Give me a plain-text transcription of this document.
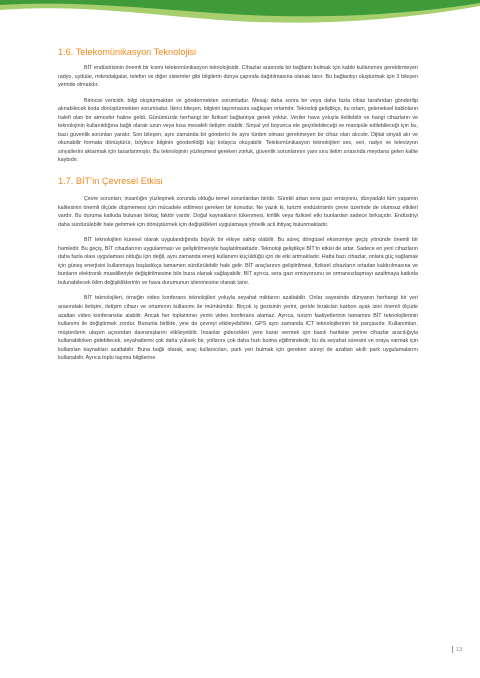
1.6. Telekomünikasyon Teknolojisi

BİT endüstrisinin önemli bir kısmı telekomünikasyon teknolojisidir. Cihazlar arasında bir bağlantı bulmak için kablo kullanımını gerektirmeyen radyo, uydular, mikrodalgalar, telefon ve diğer sistemler gibi bilgilerin dünya çapında dağıtılmasına olanak tanır. Bu bağlantıyı oluşturmak için 3 bileşen yerinde olmalıdır.

Birincisi vericidir, bilgi oluşturmaktan ve göndermekten sorumludur. Mesajı daha sonra bir veya daha fazla cihaz tarafından gönderilip alınabilecek koda dönüştürmekten sorumludur. İkinci bileşen, bilginin taşınmasını sağlayan ortamdır. Teknoloji geliştikçe, bu ortam, geleneksel kabloların halefi olan bir atmosfer haline geldi. Günümüzde herhangi bir fiziksel bağlantıya gerek yoktur. Veriler hava yoluyla iletilebilir ve hangi cihazların ve teknolojinin kullanıldığına bağlı olarak uzun veya kısa mesafeli iletişim olabilir. Sinyal yol boyunca ele geçirilebileceği ve manipüle edilebileceği için bu, bazı güvenlik sorunları yaratır. Son bileşen, aynı zamanda bir gönderici ile aynı türden olması gerekmeyen bir cihaz olan alıcıdır. Dijital sinyali alır ve okunabilir formata dönüştürür, böylece bilginin gönderildiği kişi kolayca okuyabilir. Telekomünikasyon teknolojileri ses, veri, radyo ve televizyon sinyallerini aktarmak için tasarlanmıştır. Bu teknolojinin yüzleşmesi gereken zorluk, güvenlik sorunlarının yanı sıra iletim sırasında meydana gelen kalite kaybıdır.

1.7. BİT’in Çevresel Etkisi

Çevre sorunları, insanlığın yüzleşmek zorunda olduğu temel sorunlardan biridir. Sürekli artan sera gazı emisyonu, dünyadaki tüm yaşamın kalitesinin önemli ölçüde düşmemesi için mücadele edilmesi gereken bir konudur. Ne yazık ki, turizm endüstrisinin çevre üzerinde de olumsuz etkileri vardır. Bu duruma katkıda bulunan birkaç faktör vardır. Doğal kaynakların tükenmesi, kirlilik veya fiziksel etki bunlardan sadece birkaçıdır. Endüstriyi daha sürdürülebilir hale getirmek için dönüştürmek için değişiklikleri uygulamaya yönelik acil ihtiyaç bulunmaktadır.

BİT teknolojileri küresel olarak uygulandığında büyük bir etkiye sahip olabilir. Bu süreç döngüsel ekonomiye geçiş yönünde önemli bir hamledir. Bu geçiş, BİT cihazlarının uygulanması ve geliştirilmesiyle başlatılmaktadır. Teknoloji geliştikçe BİT’in etkisi de artar. Sadece en yeni cihazların daha fazla olası uygulaması olduğu için değil, aynı zamanda enerji kullanımı küçüldüğü için de etki artmaktadır. Hatta bazı cihazlar, onlara güç sağlamak için güneş enerjisini kullanmaya başladıkça tamamen sürdürülebilir hale gelir. BİT araçlarının geliştirilmesi, fiziksel cihazların ortadan kaldırılmasına ve bunların elektronik muadilleriyle değiştirilmesine bile buna olanak sağlayabilir. BİT ayrıca, sera gazı emisyonunu ve ormansızlaşmayı azaltmaya katkıda bulunabilecek iklim değişikliklerinin ve hava durumunun izlenmesine olanak tanır.

BİT teknolojileri, örneğin video konferans teknolojileri yoluyla seyahat miktarını azaltabilir. Onlar sayesinde dünyanın herhangi bir yeri arasındaki iletişim, iletişim cihazı ve ortamının kullanımı ile mümkündür. Birçok iş gezisinin yerini, geride bırakılan karbon ayak izini önemli ölçüde azaltan video konferanslar alabilir. Ancak her toplantının yerini video konferans alamaz. Ayrıca, turizm faaliyetlerinin tamamını BİT teknolojilerinin kullanımı ile değiştirmek zordur. Bununla birlikte, yine de çevreyi etkileyebilirler. GPS aynı zamanda ICT teknolojilerinin bir parçasıdır. Kullanımları, müşterilerin ulaşım açısından davranışlarını etkileyebilir. İnsanlar gidecekleri yere karar vermek için basılı haritalar yerine cihazlar aracılığıyla kullanabilirken gidebilecek, seyahatlerini çok daha yüksek bir, yollarını çok daha hızlı bulma eğilimindedir, bu da seyahat süresini ve oraya varmak için kullanılan kaynakları azaltabilir. Buna bağlı olarak, araç kullanıcıları, park yeri bulmak için gereken süreyi de azaltan akıllı park uygulamalarını kullanabilir. Ayrıca toplu taşıma bilgilerine

13
